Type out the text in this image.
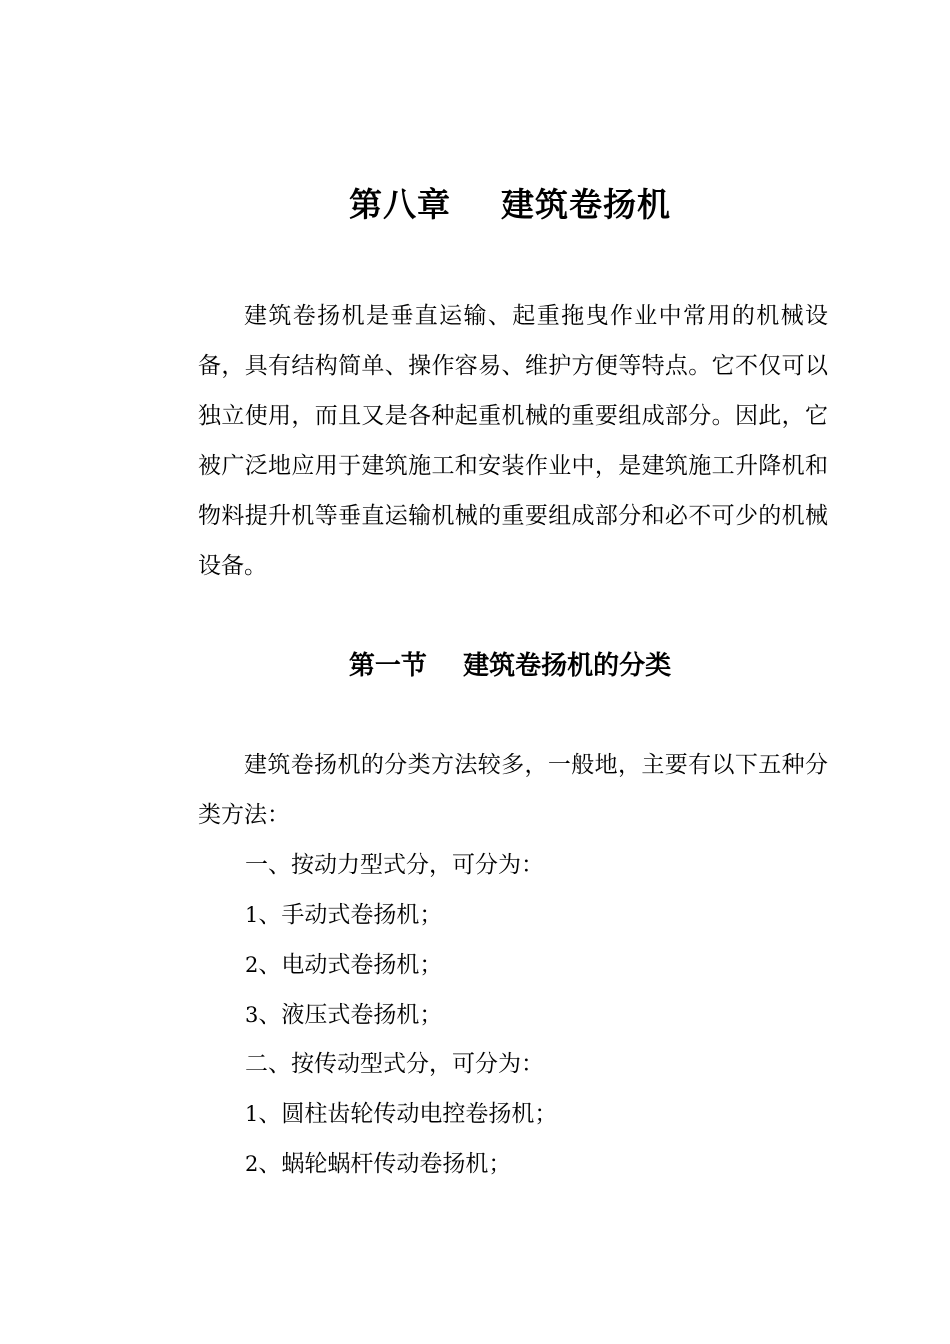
第八章    建筑卷扬机
建筑卷扬机是垂直运输、起重拖曳作业中常用的机械设备，具有结构简单、操作容易、维护方便等特点。它不仅可以独立使用，而且又是各种起重机械的重要组成部分。因此，它被广泛地应用于建筑施工和安装作业中，是建筑施工升降机和物料提升机等垂直运输机械的重要组成部分和必不可少的机械设备。
第一节    建筑卷扬机的分类
建筑卷扬机的分类方法较多，一般地，主要有以下五种分类方法：
一、按动力型式分，可分为：
1、手动式卷扬机；
2、电动式卷扬机；
3、液压式卷扬机；
二、按传动型式分，可分为：
1、圆柱齿轮传动电控卷扬机；
2、蜗轮蜗杆传动卷扬机；
